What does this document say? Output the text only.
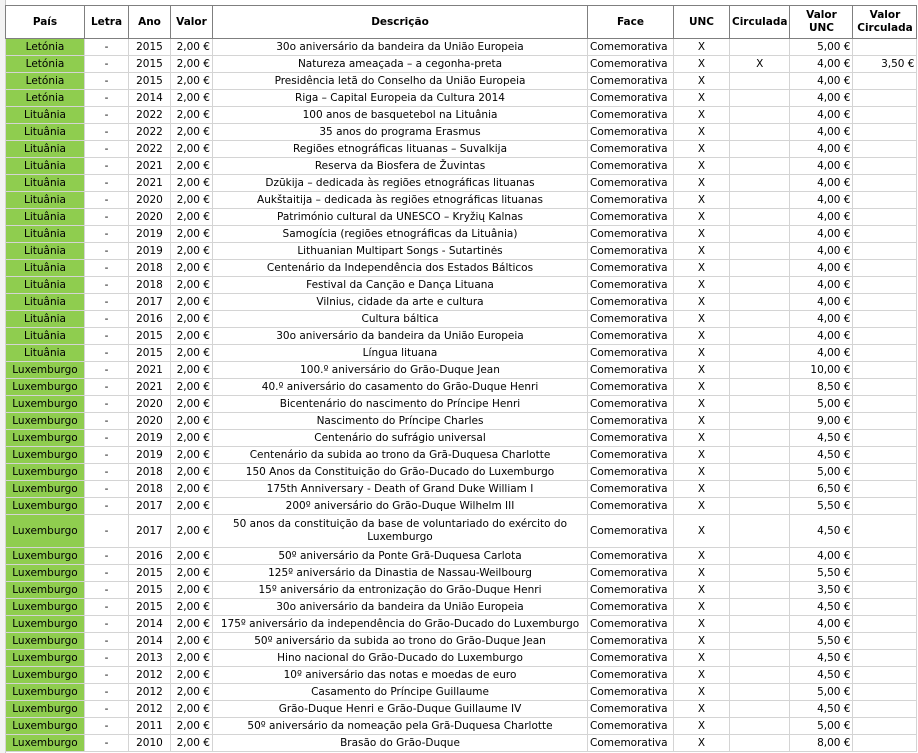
País	Letra	Ano	Valor	Descrição	Face	UNC	Circulada	Valor UNC	Valor Circulada
Letónia	-	2015	2,00 €	30o aniversário da bandeira da União Europeia	Comemorativa	X		5,00 €	
Letónia	-	2015	2,00 €	Natureza ameaçada – a cegonha-preta	Comemorativa	X	X	4,00 €	3,50 €
Letónia	-	2015	2,00 €	Presidência letã do Conselho da União Europeia	Comemorativa	X		4,00 €	
Letónia	-	2014	2,00 €	Riga – Capital Europeia da Cultura 2014	Comemorativa	X		4,00 €	
Lituânia	-	2022	2,00 €	100 anos de basquetebol na Lituânia	Comemorativa	X		4,00 €	
Lituânia	-	2022	2,00 €	35 anos do programa Erasmus	Comemorativa	X		4,00 €	
Lituânia	-	2022	2,00 €	Regiões etnográficas lituanas – Suvalkija	Comemorativa	X		4,00 €	
Lituânia	-	2021	2,00 €	Reserva da Biosfera de Žuvintas	Comemorativa	X		4,00 €	
Lituânia	-	2021	2,00 €	Dzūkija – dedicada às regiões etnográficas lituanas	Comemorativa	X		4,00 €	
Lituânia	-	2020	2,00 €	Aukštaitija – dedicada às regiões etnográficas lituanas	Comemorativa	X		4,00 €	
Lituânia	-	2020	2,00 €	Património cultural da UNESCO – Kryžių Kalnas	Comemorativa	X		4,00 €	
Lituânia	-	2019	2,00 €	Samogícia (regiões etnográficas da Lituânia)	Comemorativa	X		4,00 €	
Lituânia	-	2019	2,00 €	Lithuanian Multipart Songs - Sutartinės	Comemorativa	X		4,00 €	
Lituânia	-	2018	2,00 €	Centenário da Independência dos Estados Bálticos	Comemorativa	X		4,00 €	
Lituânia	-	2018	2,00 €	Festival da Canção e Dança Lituana	Comemorativa	X		4,00 €	
Lituânia	-	2017	2,00 €	Vilnius, cidade da arte e cultura	Comemorativa	X		4,00 €	
Lituânia	-	2016	2,00 €	Cultura báltica	Comemorativa	X		4,00 €	
Lituânia	-	2015	2,00 €	30o aniversário da bandeira da União Europeia	Comemorativa	X		4,00 €	
Lituânia	-	2015	2,00 €	Língua lituana	Comemorativa	X		4,00 €	
Luxemburgo	-	2021	2,00 €	100.º aniversário do Grão-Duque Jean	Comemorativa	X		10,00 €	
Luxemburgo	-	2021	2,00 €	40.º aniversário do casamento do Grão-Duque Henri	Comemorativa	X		8,50 €	
Luxemburgo	-	2020	2,00 €	Bicentenário do nascimento do Príncipe Henri	Comemorativa	X		5,00 €	
Luxemburgo	-	2020	2,00 €	Nascimento do Príncipe Charles	Comemorativa	X		9,00 €	
Luxemburgo	-	2019	2,00 €	Centenário do sufrágio universal	Comemorativa	X		4,50 €	
Luxemburgo	-	2019	2,00 €	Centenário da subida ao trono da Grã-Duquesa Charlotte	Comemorativa	X		4,50 €	
Luxemburgo	-	2018	2,00 €	150 Anos da Constituição do Grão-Ducado do Luxemburgo	Comemorativa	X		5,00 €	
Luxemburgo	-	2018	2,00 €	175th Anniversary - Death of Grand Duke William I	Comemorativa	X		6,50 €	
Luxemburgo	-	2017	2,00 €	200º aniversário do Grão-Duque Wilhelm III	Comemorativa	X		5,50 €	
Luxemburgo	-	2017	2,00 €	50 anos da constituição da base de voluntariado do exército do Luxemburgo	Comemorativa	X		4,50 €	
Luxemburgo	-	2016	2,00 €	50º aniversário da Ponte Grã-Duquesa Carlota	Comemorativa	X		4,00 €	
Luxemburgo	-	2015	2,00 €	125º aniversário da Dinastia de Nassau-Weilbourg	Comemorativa	X		5,50 €	
Luxemburgo	-	2015	2,00 €	15º aniversário da entronização do Grão-Duque Henri	Comemorativa	X		3,50 €	
Luxemburgo	-	2015	2,00 €	30o aniversário da bandeira da União Europeia	Comemorativa	X		4,50 €	
Luxemburgo	-	2014	2,00 €	175º aniversário da independência do Grão-Ducado do Luxemburgo	Comemorativa	X		4,00 €	
Luxemburgo	-	2014	2,00 €	50º aniversário da subida ao trono do Grão-Duque Jean	Comemorativa	X		5,50 €	
Luxemburgo	-	2013	2,00 €	Hino nacional do Grão-Ducado do Luxemburgo	Comemorativa	X		4,50 €	
Luxemburgo	-	2012	2,00 €	10º aniversário das notas e moedas de euro	Comemorativa	X		4,50 €	
Luxemburgo	-	2012	2,00 €	Casamento do Príncipe Guillaume	Comemorativa	X		5,00 €	
Luxemburgo	-	2012	2,00 €	Grão-Duque Henri e Grão-Duque Guillaume IV	Comemorativa	X		4,50 €	
Luxemburgo	-	2011	2,00 €	50º aniversário da nomeação pela Grã-Duquesa Charlotte	Comemorativa	X		5,00 €	
Luxemburgo	-	2010	2,00 €	Brasão do Grão-Duque	Comemorativa	X		8,00 €	
